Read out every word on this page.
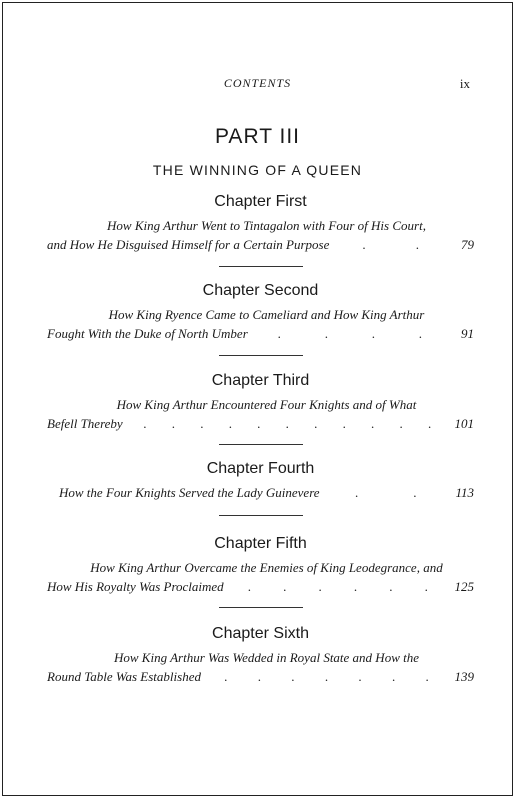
CONTENTS	ix
PART III
THE WINNING OF A QUEEN
Chapter First
How King Arthur Went to Tintagalon with Four of His Court,
and How He Disguised Himself for a Certain Purpose	.	.	79
Chapter Second
How King Ryence Came to Cameliard and How King Arthur
Fought With the Duke of North Umber .	.	.	.	91
Chapter Third
How King Arthur Encountered Four Knights and of What
Befell Thereby . . . . . . . . . . . 101
Chapter Fourth
How the Four Knights Served the Lady Guinevere	.	.	113
Chapter Fifth
How King Arthur Overcame the Enemies of King Leodegrance, and
How His Royalty Was Proclaimed . . . . . . 125
Chapter Sixth
How King Arthur Was Wedded in Royal State and How the
Round Table Was Established . . . . . . . 139
